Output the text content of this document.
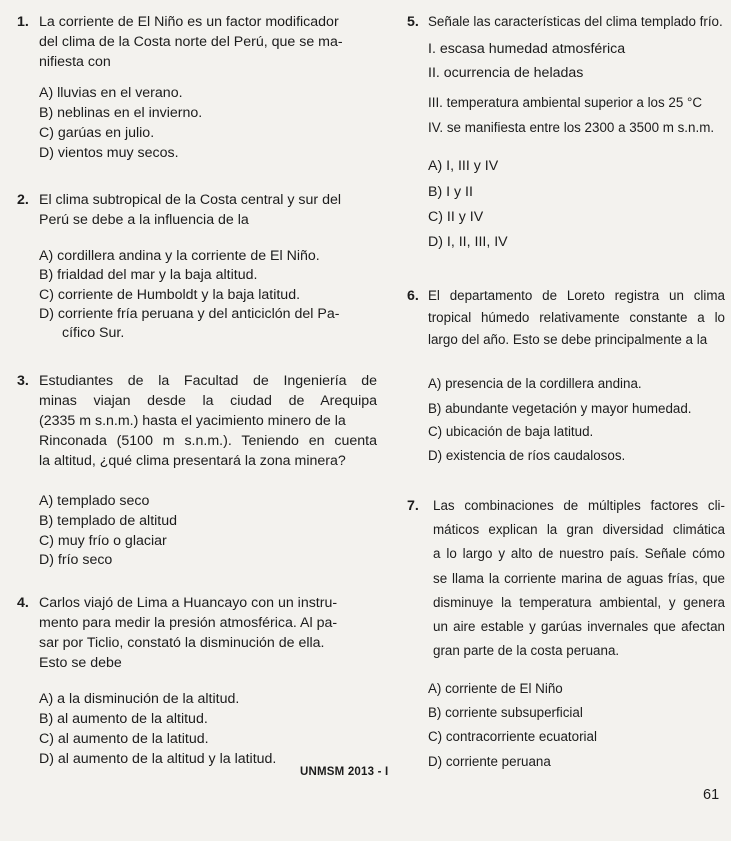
1. La corriente de El Niño es un factor modificador
del clima de la Costa norte del Perú, que se ma-
nifiesta con
A) lluvias en el verano.
B) neblinas en el invierno.
C) garúas en julio.
D) vientos muy secos.
2. El clima subtropical de la Costa central y sur del
Perú se debe a la influencia de la
A) cordillera andina y la corriente de El Niño.
B) frialdad del mar y la baja altitud.
C) corriente de Humboldt y la baja latitud.
D) corriente fría peruana y del anticiclón del Pa-
cífico Sur.
3. Estudiantes de la Facultad de Ingeniería de
minas viajan desde la ciudad de Arequipa
(2335 m s.n.m.) hasta el yacimiento minero de la
Rinconada (5100 m s.n.m.). Teniendo en cuenta
la altitud, ¿qué clima presentará la zona minera?
A) templado seco
B) templado de altitud
C) muy frío o glaciar
D) frío seco
4. Carlos viajó de Lima a Huancayo con un instru-
mento para medir la presión atmosférica. Al pa-
sar por Ticlio, constató la disminución de ella.
Esto se debe
A) a la disminución de la altitud.
B) al aumento de la altitud.
C) al aumento de la latitud.
D) al aumento de la altitud y la latitud.
UNMSM 2013 - I
5. Señale las características del clima templado frío.
I. escasa humedad atmosférica
II. ocurrencia de heladas
III. temperatura ambiental superior a los 25 °C
IV. se manifiesta entre los 2300 a 3500 m s.n.m.
A) I, III y IV
B) I y II
C) II y IV
D) I, II, III, IV
6. El departamento de Loreto registra un clima
tropical húmedo relativamente constante a lo
largo del año. Esto se debe principalmente a la
A) presencia de la cordillera andina.
B) abundante vegetación y mayor humedad.
C) ubicación de baja latitud.
D) existencia de ríos caudalosos.
7. Las combinaciones de múltiples factores cli-
máticos explican la gran diversidad climática
a lo largo y alto de nuestro país. Señale cómo
se llama la corriente marina de aguas frías, que
disminuye la temperatura ambiental, y genera
un aire estable y garúas invernales que afectan
gran parte de la costa peruana.
A) corriente de El Niño
B) corriente subsuperficial
C) contracorriente ecuatorial
D) corriente peruana
61
